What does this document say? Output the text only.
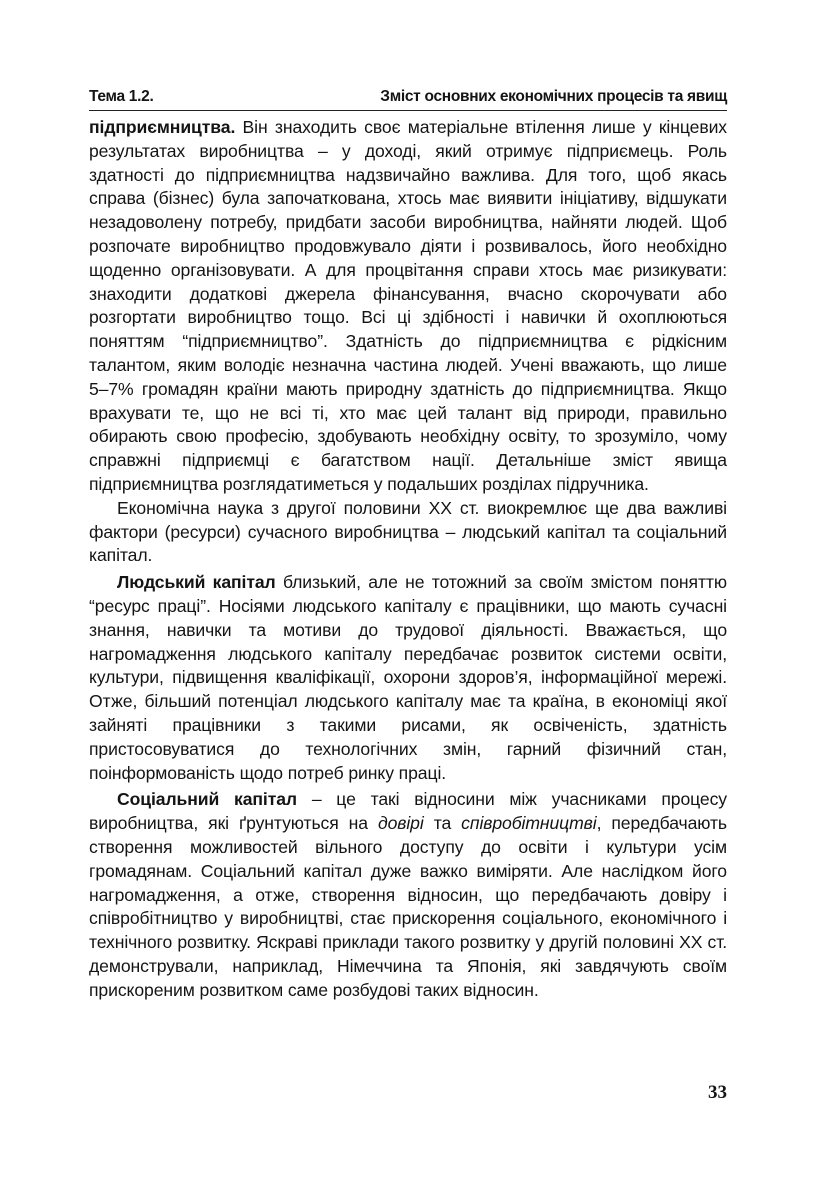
Тема 1.2.	Зміст основних економічних процесів та явищ

підприємництва. Він знаходить своє матеріальне втілення лише у кінцевих результатах виробництва – у доході, який отримує підприємець. Роль здатності до підприємництва надзвичайно важлива. Для того, щоб якась справа (бізнес) була започаткована, хтось має виявити ініціативу, відшукати незадоволену потребу, придбати засоби виробництва, найняти людей. Щоб розпочате виробництво продовжувало діяти і розвивалось, його необхідно щоденно організовувати. А для процвітання справи хтось має ризикувати: знаходити додаткові джерела фінансування, вчасно скорочувати або розгортати виробництво тощо. Всі ці здібності і навички й охоплюються поняттям “підприємництво”. Здатність до підприємництва є рідкісним талантом, яким володіє незначна частина людей. Учені вважають, що лише 5–7% громадян країни мають природну здатність до підприємництва. Якщо врахувати те, що не всі ті, хто має цей талант від природи, правильно обирають свою професію, здобувають необхідну освіту, то зрозуміло, чому справжні підприємці є багатством нації. Детальніше зміст явища підприємництва розглядатиметься у подальших розділах підручника.

Економічна наука з другої половини XX ст. виокремлює ще два важливі фактори (ресурси) сучасного виробництва – людський капітал та соціальний капітал.

Людський капітал близький, але не тотожний за своїм змістом поняттю “ресурс праці”. Носіями людського капіталу є працівники, що мають сучасні знання, навички та мотиви до трудової діяльності. Вважається, що нагромадження людського капіталу передбачає розвиток системи освіти, культури, підвищення кваліфікації, охорони здоров’я, інформаційної мережі. Отже, більший потенціал людського капіталу має та країна, в економіці якої зайняті працівники з такими рисами, як освіченість, здатність пристосовуватися до технологічних змін, гарний фізичний стан, поінформованість щодо потреб ринку праці.

Соціальний капітал – це такі відносини між учасниками процесу виробництва, які ґрунтуються на довірі та співробітництві, передбачають створення можливостей вільного доступу до освіти і культури усім громадянам. Соціальний капітал дуже важко виміряти. Але наслідком його нагромадження, а отже, створення відносин, що передбачають довіру і співробітництво у виробництві, стає прискорення соціального, економічного і технічного розвитку. Яскраві приклади такого розвитку у другій половині XX ст. демонстрували, наприклад, Німеччина та Японія, які завдячують своїм прискореним розвитком саме розбудові таких відносин.

33
